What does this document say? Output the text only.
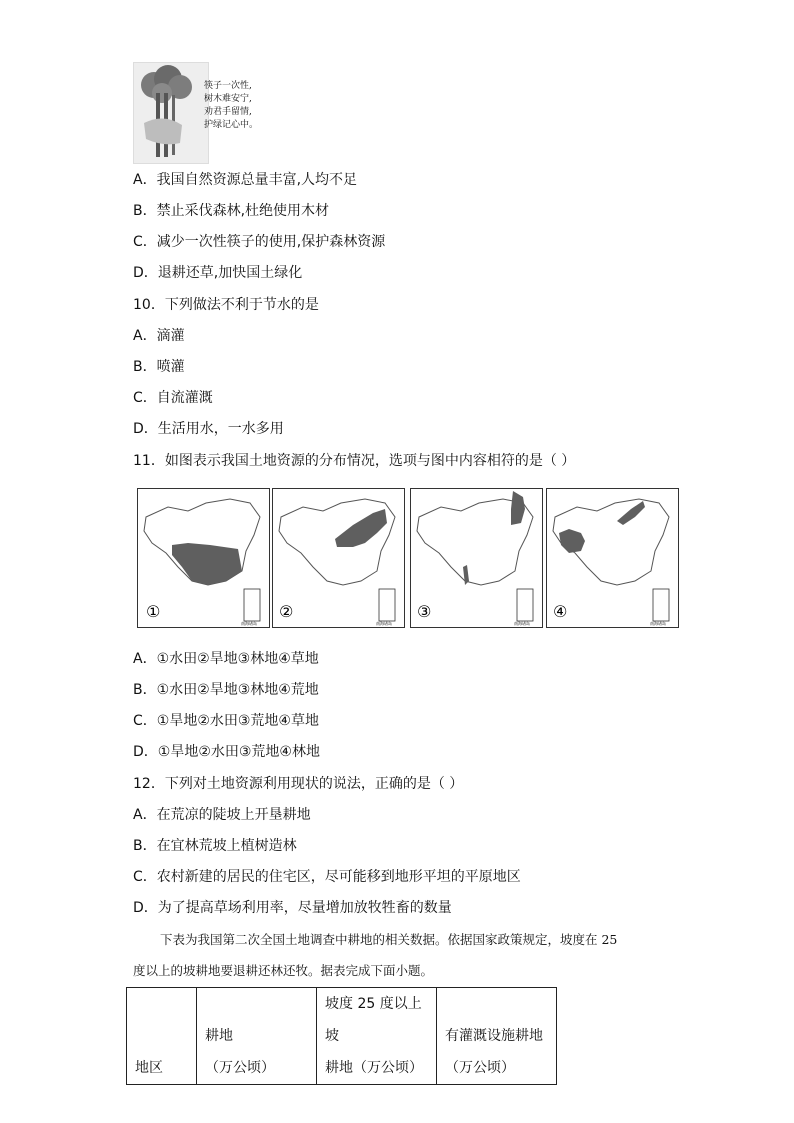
筷子一次性,
树木难安宁,
劝君手留情,
护绿记心中。
A．我国自然资源总量丰富,人均不足
B．禁止采伐森林,杜绝使用木材
C．减少一次性筷子的使用,保护森林资源
D．退耕还草,加快国土绿化
10．下列做法不利于节水的是
A．滴灌
B．喷灌
C．自流灌溉
D．生活用水，一水多用
11．如图表示我国土地资源的分布情况，选项与图中内容相符的是（ ）
①
南海诸岛
②
南海诸岛
③
南海诸岛
④
南海诸岛
A．①水田②旱地③林地④草地
B．①水田②旱地③林地④荒地
C．①旱地②水田③荒地④草地
D．①旱地②水田③荒地④林地
12．下列对土地资源利用现状的说法，正确的是（ ）
A．在荒凉的陡坡上开垦耕地
B．在宜林荒坡上植树造林
C．农村新建的居民的住宅区，尽可能移到地形平坦的平原地区
D．为了提高草场利用率，尽量增加放牧牲畜的数量
下表为我国第二次全国土地调查中耕地的相关数据。依据国家政策规定，坡度在 25
度以上的坡耕地要退耕还林还牧。据表完成下面小题。
地区

耕地
（万公顷）

坡度 25 度以上坡
耕地（万公顷）

有灌溉设施耕地
（万公顷）
